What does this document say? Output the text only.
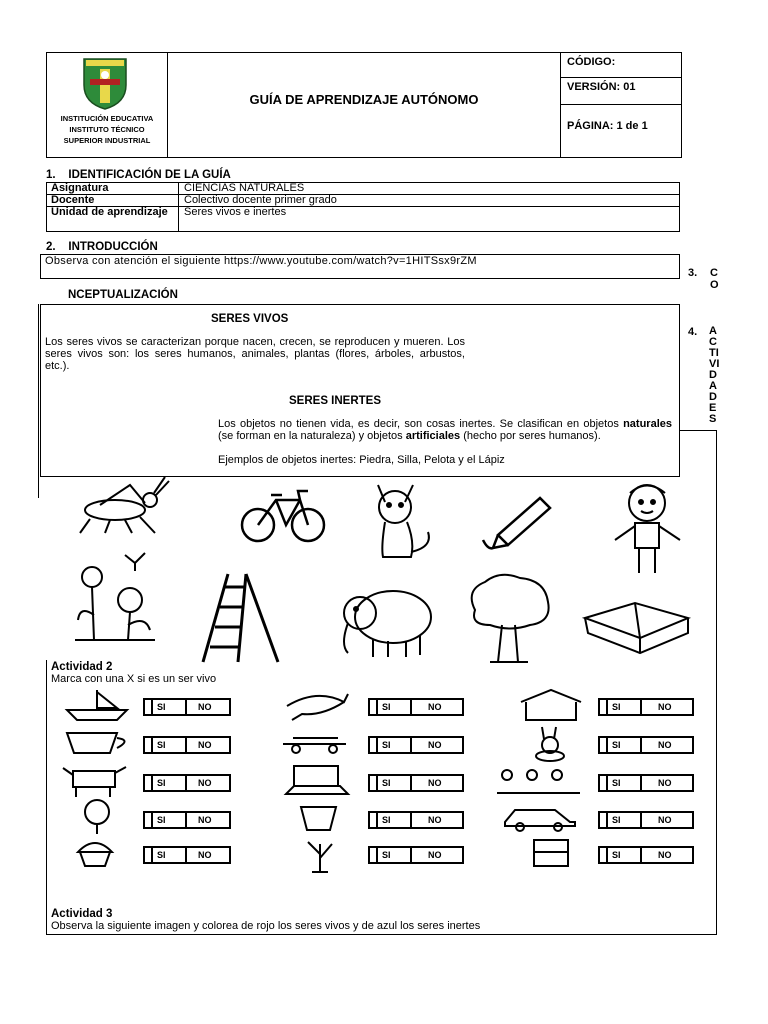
INSTITUCIÓN EDUCATIVA
INSTITUTO TÉCNICO
SUPERIOR INDUSTRIAL
GUÍA DE APRENDIZAJE AUTÓNOMO
CÓDIGO:
VERSIÓN: 01
PÁGINA: 1 de 1
1.    IDENTIFICACIÓN DE LA GUÍA
Asignatura	CIENCIAS NATURALES
Docente	Colectivo docente primer grado
Unidad de aprendizaje Seres vivos e inertes
2.    INTRODUCCIÓN
Observa con atención el siguiente https://www.youtube.com/watch?v=1HITSsx9rZM
3. C
O
4. A
C
TI
VI
D
A
D
E
S
NCEPTUALIZACIÓN
SERES VIVOS
Los seres vivos se caracterizan porque nacen, crecen, se reproducen y mueren. Los seres vivos son: los seres humanos, animales, plantas (flores, árboles, arbustos, etc.).
SERES INERTES
Los objetos no tienen vida, es decir, son cosas inertes. Se clasifican en objetos naturales (se forman en la naturaleza) y objetos artificiales (hecho por seres humanos).
Ejemplos de objetos inertes: Piedra, Silla, Pelota y el Lápiz
Actividad 2
Marca con una X si es un ser vivo
SI	NO
SI	NO
SI	NO
SI	NO
SI	NO
SI	NO
SI	NO
SI	NO
SI	NO
SI	NO
SI	NO
SI	NO
SI	NO
SI	NO
SI	NO
Actividad 3
Observa la siguiente imagen y colorea de rojo los seres vivos y de azul los seres inertes
